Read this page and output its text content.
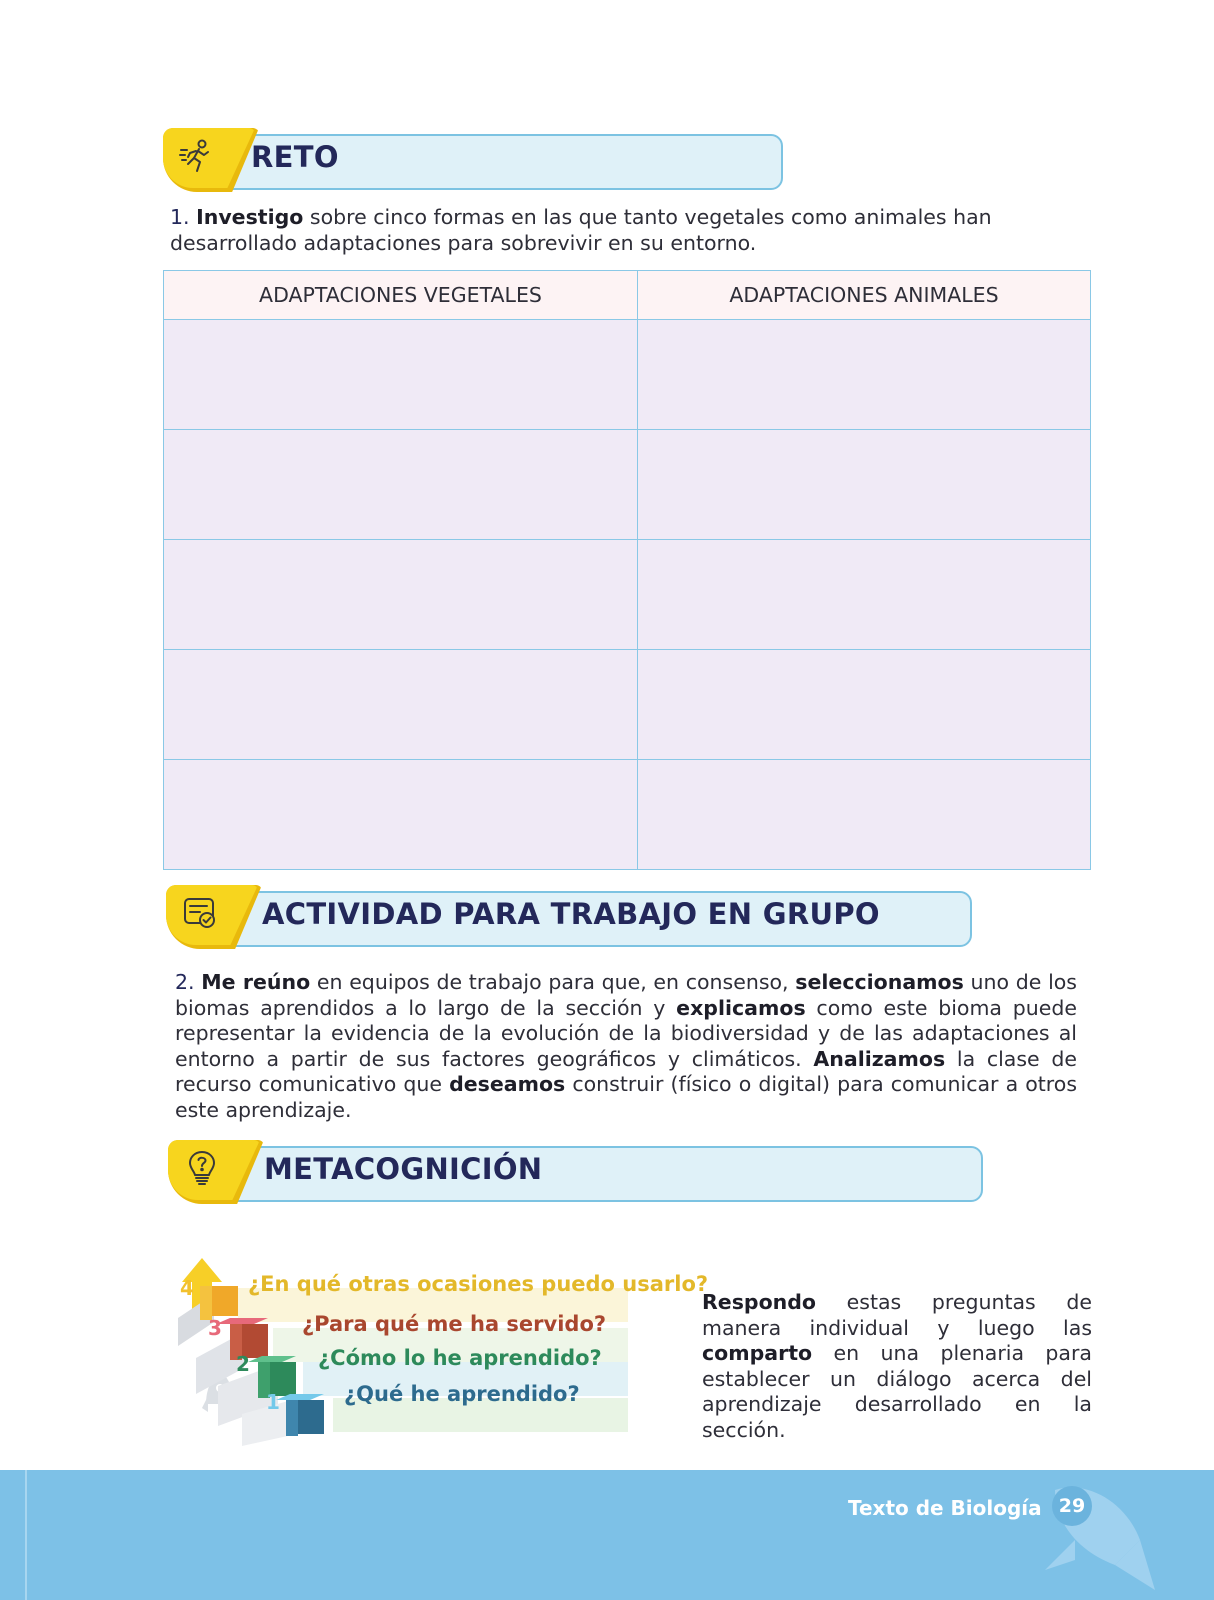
RETO
1. Investigo sobre cinco formas en las que tanto vegetales como animales han desarrollado adaptaciones para sobrevivir en su entorno.
ADAPTACIONES VEGETALES	ADAPTACIONES ANIMALES

ACTIVIDAD PARA TRABAJO EN GRUPO
2. Me reúno en equipos de trabajo para que, en consenso, seleccionamos uno de los biomas aprendidos a lo largo de la sección y explicamos como este bioma puede representar la evidencia de la evolución de la biodiversidad y de las adaptaciones al entorno a partir de sus factores geográficos y climáticos. Analizamos la clase de recurso comunicativo que deseamos construir (físico o digital) para comunicar a otros este aprendizaje.
METACOGNICIÓN
4
3
2
1
¿En qué otras ocasiones puedo usarlo?
¿Para qué me ha servido?
¿Cómo lo he aprendido?
¿Qué he aprendido?
Respondo estas preguntas de manera individual y luego las comparto en una plenaria para establecer un diálogo acerca del aprendizaje desarrollado en la sección.
Texto de Biología 29
